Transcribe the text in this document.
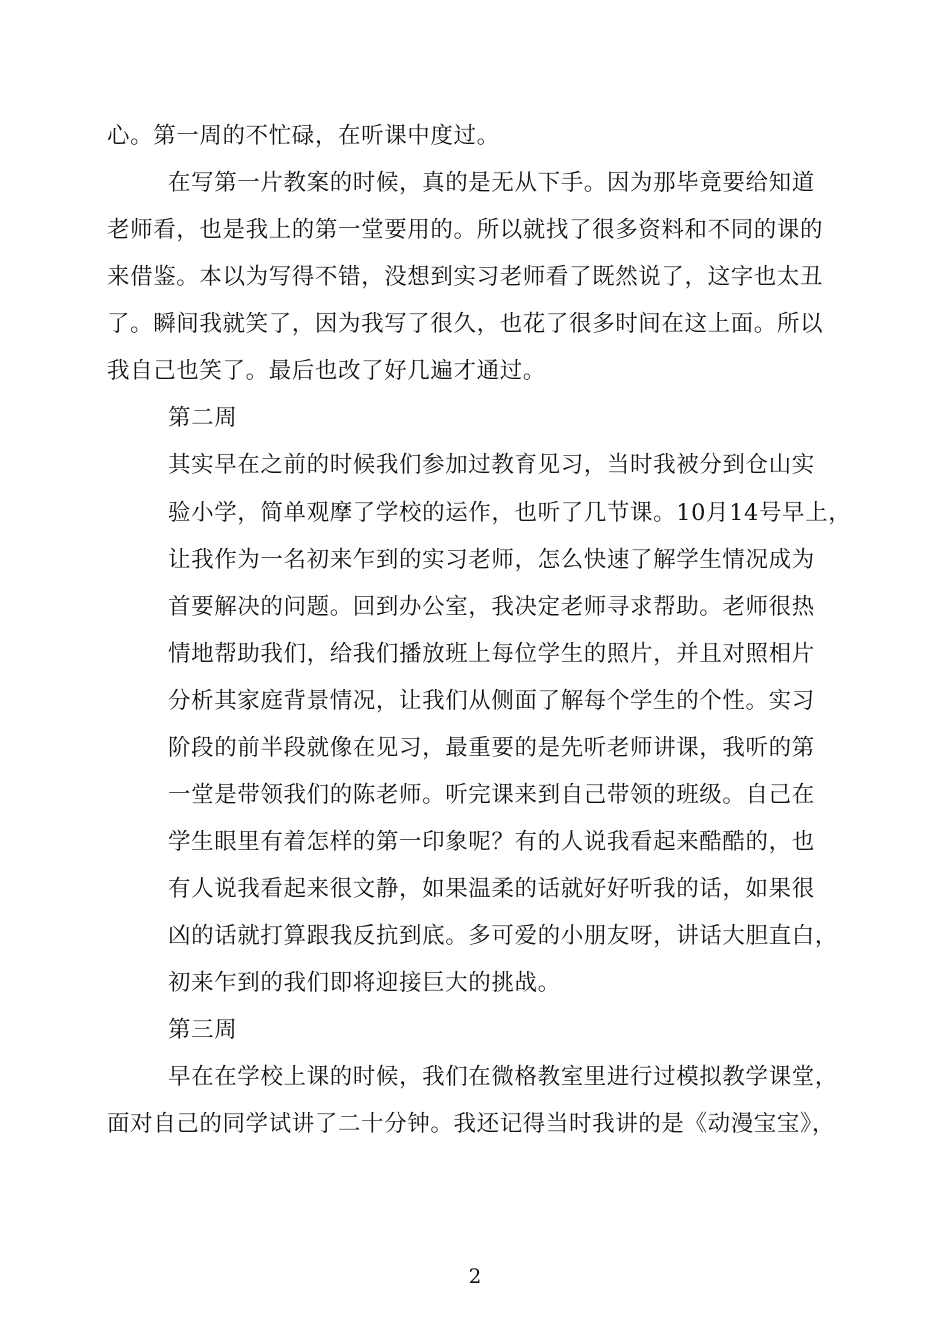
心。第一周的不忙碌，在听课中度过。
在写第一片教案的时候，真的是无从下手。因为那毕竟要给知道
老师看，也是我上的第一堂要用的。所以就找了很多资料和不同的课的
来借鉴。本以为写得不错，没想到实习老师看了既然说了，这字也太丑
了。瞬间我就笑了，因为我写了很久，也花了很多时间在这上面。所以
我自己也笑了。最后也改了好几遍才通过。
第二周
其实早在之前的时候我们参加过教育见习，当时我被分到仓山实
验小学，简单观摩了学校的运作，也听了几节课。10月14号早上，
让我作为一名初来乍到的实习老师，怎么快速了解学生情况成为
首要解决的问题。回到办公室，我决定老师寻求帮助。老师很热
情地帮助我们，给我们播放班上每位学生的照片，并且对照相片
分析其家庭背景情况，让我们从侧面了解每个学生的个性。实习
阶段的前半段就像在见习，最重要的是先听老师讲课，我听的第
一堂是带领我们的陈老师。听完课来到自己带领的班级。自己在
学生眼里有着怎样的第一印象呢？有的人说我看起来酷酷的，也
有人说我看起来很文静，如果温柔的话就好好听我的话，如果很
凶的话就打算跟我反抗到底。多可爱的小朋友呀，讲话大胆直白，
初来乍到的我们即将迎接巨大的挑战。
第三周
早在在学校上课的时候，我们在微格教室里进行过模拟教学课堂，
面对自己的同学试讲了二十分钟。我还记得当时我讲的是《动漫宝宝》，
2
